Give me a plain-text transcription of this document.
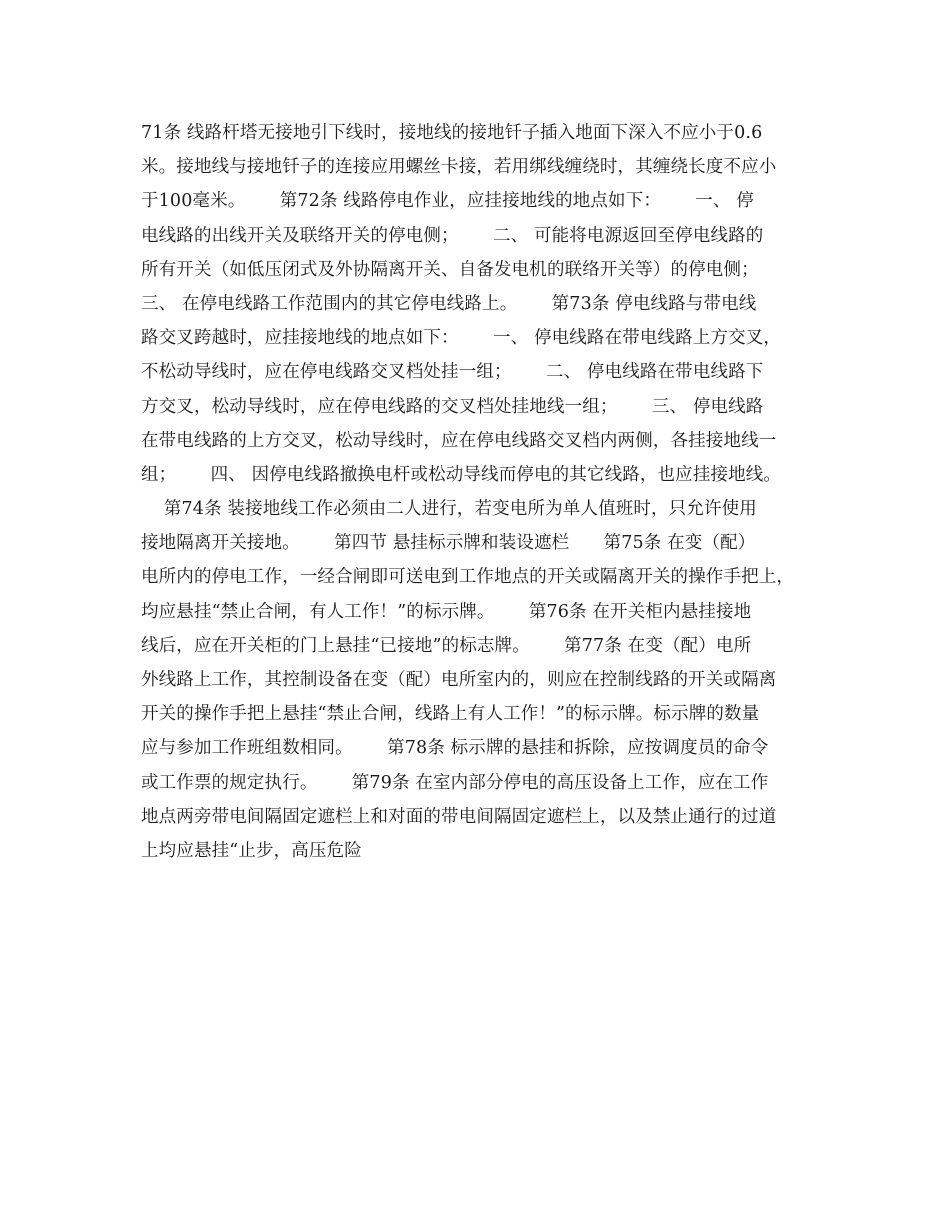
71条 线路杆塔无接地引下线时，接地线的接地钎子插入地面下深入不应小于0.6
米。接地线与接地钎子的连接应用螺丝卡接，若用绑线缠绕时，其缠绕长度不应小
于100毫米。      第72条 线路停电作业，应挂接地线的地点如下：      一、 停
电线路的出线开关及联络开关的停电侧；      二、 可能将电源返回至停电线路的
所有开关（如低压闭式及外协隔离开关、自备发电机的联络开关等）的停电侧；
三、 在停电线路工作范围内的其它停电线路上。      第73条 停电线路与带电线
路交叉跨越时，应挂接地线的地点如下：      一、 停电线路在带电线路上方交叉，
不松动导线时，应在停电线路交叉档处挂一组；      二、 停电线路在带电线路下
方交叉，松动导线时，应在停电线路的交叉档处挂地线一组；      三、 停电线路
在带电线路的上方交叉，松动导线时，应在停电线路交叉档内两侧，各挂接地线一
组；      四、 因停电线路撤换电杆或松动导线而停电的其它线路，也应挂接地线。
第74条 装接地线工作必须由二人进行，若变电所为单人值班时，只允许使用
接地隔离开关接地。      第四节 悬挂标示牌和装设遮栏      第75条 在变（配）
电所内的停电工作，一经合闸即可送电到工作地点的开关或隔离开关的操作手把上，
均应悬挂“禁止合闸，有人工作！”的标示牌。      第76条 在开关柜内悬挂接地
线后，应在开关柜的门上悬挂“已接地”的标志牌。      第77条 在变（配）电所
外线路上工作，其控制设备在变（配）电所室内的，则应在控制线路的开关或隔离
开关的操作手把上悬挂“禁止合闸，线路上有人工作！”的标示牌。标示牌的数量
应与参加工作班组数相同。      第78条 标示牌的悬挂和拆除，应按调度员的命令
或工作票的规定执行。      第79条 在室内部分停电的高压设备上工作，应在工作
地点两旁带电间隔固定遮栏上和对面的带电间隔固定遮栏上，以及禁止通行的过道
上均应悬挂“止步，高压危险
